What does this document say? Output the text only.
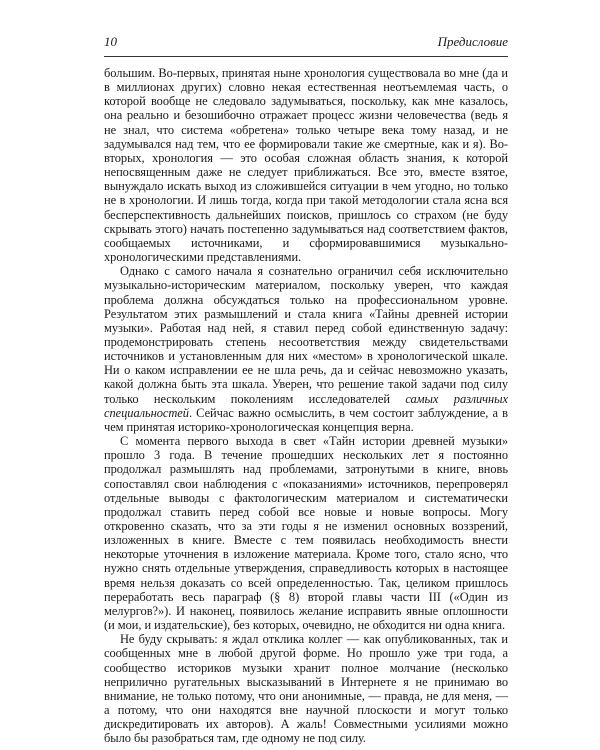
10	Предисловие

большим. Во-первых, принятая ныне хронология существовала во мне (да и в миллионах других) словно некая естественная неотъемлемая часть, о которой вообще не следовало задумываться, поскольку, как мне казалось, она реально и безошибочно отражает процесс жизни человечества (ведь я не знал, что система «обретена» только четыре века тому назад, и не задумывался над тем, что ее формировали такие же смертные, как и я). Во-вторых, хронология — это особая сложная область знания, к которой непосвященным даже не следует приближаться. Все это, вместе взятое, вынуждало искать выход из сложившейся ситуации в чем угодно, но только не в хронологии. И лишь тогда, когда при такой методологии стала ясна вся бесперспективность дальнейших поисков, пришлось со страхом (не буду скрывать этого) начать постепенно задумываться над соответствием фактов, сообщаемых источниками, и сформировавшимися музыкально-хронологическими представлениями.

Однако с самого начала я сознательно ограничил себя исключительно музыкально-историческим материалом, поскольку уверен, что каждая проблема должна обсуждаться только на профессиональном уровне. Результатом этих размышлений и стала книга «Тайны древней истории музыки». Работая над ней, я ставил перед собой единственную задачу: продемонстрировать степень несоответствия между свидетельствами источников и установленным для них «местом» в хронологической шкале. Ни о каком исправлении ее не шла речь, да и сейчас невозможно указать, какой должна быть эта шкала. Уверен, что решение такой задачи под силу только нескольким поколениям исследователей самых различных специальностей. Сейчас важно осмыслить, в чем состоит заблуждение, а в чем принятая историко-хронологическая концепция верна.

С момента первого выхода в свет «Тайн истории древней музыки» прошло 3 года. В течение прошедших нескольких лет я постоянно продолжал размышлять над проблемами, затронутыми в книге, вновь сопоставлял свои наблюдения с «показаниями» источников, перепроверял отдельные выводы с фактологическим материалом и систематически продолжал ставить перед собой все новые и новые вопросы. Могу откровенно сказать, что за эти годы я не изменил основных воззрений, изложенных в книге. Вместе с тем появилась необходимость внести некоторые уточнения в изложение материала. Кроме того, стало ясно, что нужно снять отдельные утверждения, справедливость которых в настоящее время нельзя доказать со всей определенностью. Так, целиком пришлось переработать весь параграф (§ 8) второй главы части III («Один из мелургов?»). И наконец, появилось желание исправить явные оплошности (и мои, и издательские), без которых, очевидно, не обходится ни одна книга.

Не буду скрывать: я ждал отклика коллег — как опубликованных, так и сообщенных мне в любой другой форме. Но прошло уже три года, а сообщество историков музыки хранит полное молчание (несколько неприлично ругательных высказываний в Интернете я не принимаю во внимание, не только потому, что они анонимные, — правда, не для меня, — а потому, что они находятся вне научной плоскости и могут только дискредитировать их авторов). А жаль! Совместными усилиями можно было бы разобраться там, где одному не под силу.
